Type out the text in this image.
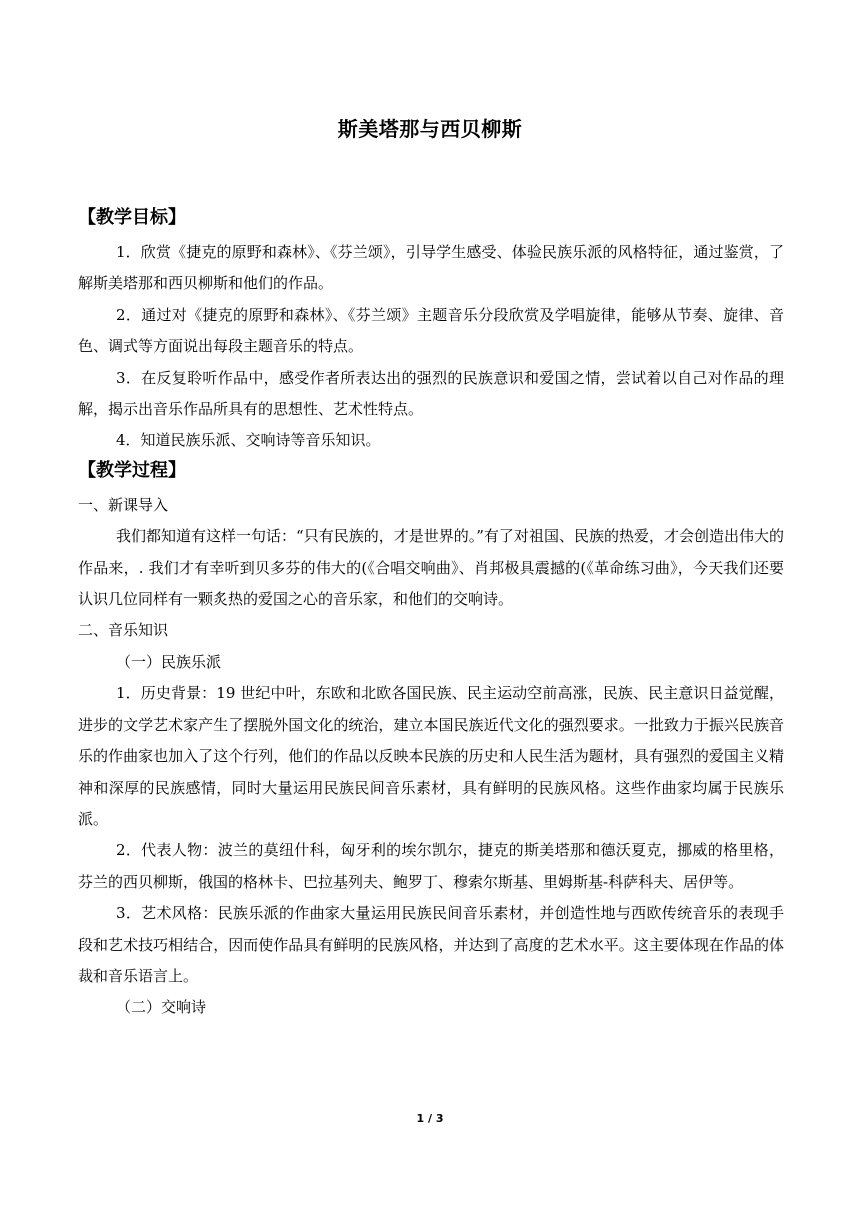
斯美塔那与西贝柳斯
【教学目标】

1．欣赏《捷克的原野和森林》、《芬兰颂》，引导学生感受、体验民族乐派的风格特征，通过鉴赏，了解斯美塔那和西贝柳斯和他们的作品。

2．通过对《捷克的原野和森林》、《芬兰颂》主题音乐分段欣赏及学唱旋律，能够从节奏、旋律、音色、调式等方面说出每段主题音乐的特点。

3．在反复聆听作品中，感受作者所表达出的强烈的民族意识和爱国之情，尝试着以自己对作品的理解，揭示出音乐作品所具有的思想性、艺术性特点。

4．知道民族乐派、交响诗等音乐知识。

【教学过程】

一、新课导入

我们都知道有这样一句话：“只有民族的，才是世界的。”有了对祖国、民族的热爱，才会创造出伟大的作品来，. 我们才有幸听到贝多芬的伟大的(《合唱交响曲》、肖邦极具震撼的(《革命练习曲》，今天我们还要认识几位同样有一颗炙热的爱国之心的音乐家，和他们的交响诗。

二、音乐知识

（一）民族乐派

1．历史背景：19 世纪中叶，东欧和北欧各国民族、民主运动空前高涨，民族、民主意识日益觉醒，进步的文学艺术家产生了摆脱外国文化的统治，建立本国民族近代文化的强烈要求。一批致力于振兴民族音乐的作曲家也加入了这个行列，他们的作品以反映本民族的历史和人民生活为题材，具有强烈的爱国主义精神和深厚的民族感情，同时大量运用民族民间音乐素材，具有鲜明的民族风格。这些作曲家均属于民族乐派。

2．代表人物：波兰的莫纽什科，匈牙利的埃尔凯尔，捷克的斯美塔那和德沃夏克，挪威的格里格，芬兰的西贝柳斯，俄国的格林卡、巴拉基列夫、鲍罗丁、穆索尔斯基、里姆斯基-科萨科夫、居伊等。

3．艺术风格：民族乐派的作曲家大量运用民族民间音乐素材，并创造性地与西欧传统音乐的表现手段和艺术技巧相结合，因而使作品具有鲜明的民族风格，并达到了高度的艺术水平。这主要体现在作品的体裁和音乐语言上。

（二）交响诗

1 / 3
